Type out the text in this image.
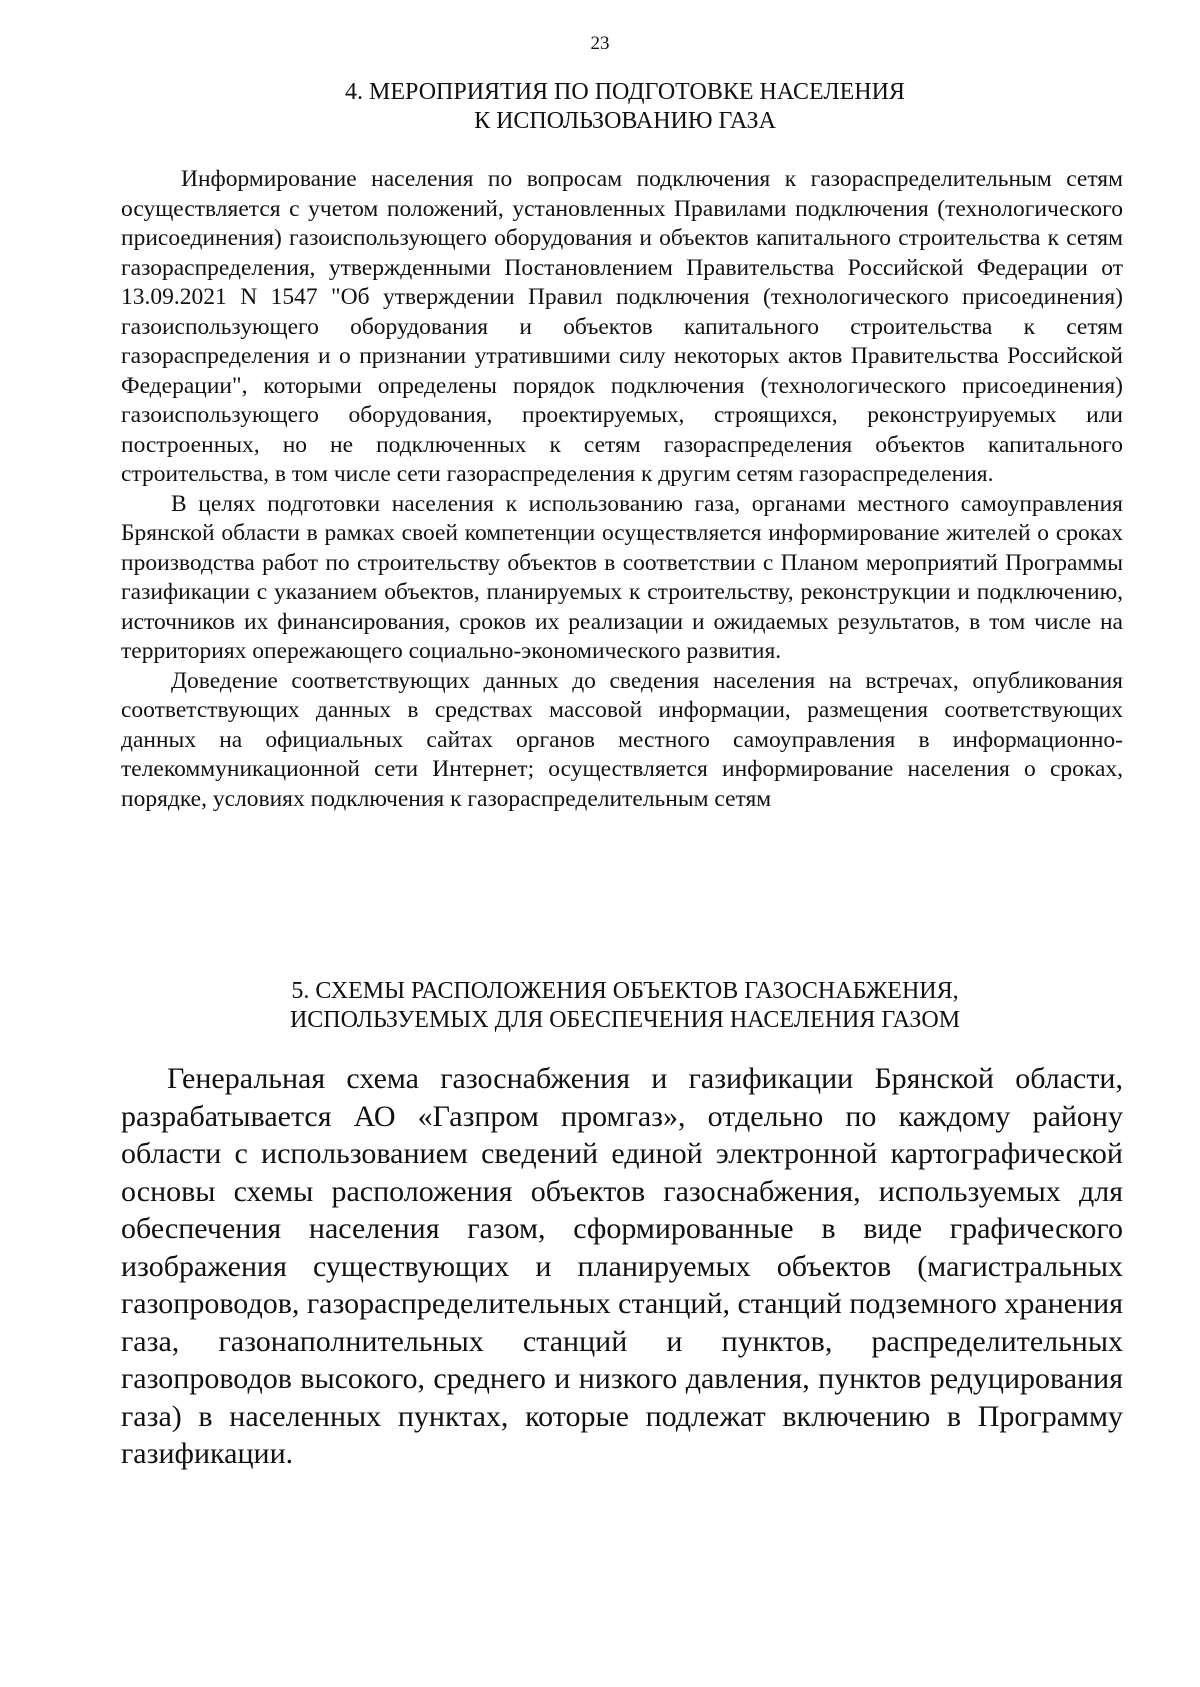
23
4. МЕРОПРИЯТИЯ ПО ПОДГОТОВКЕ НАСЕЛЕНИЯ
К ИСПОЛЬЗОВАНИЮ ГАЗА

Информирование населения по вопросам подключения к газораспределительным сетям осуществляется с учетом положений, установленных Правилами подключения (технологического присоединения) газоиспользующего оборудования и объектов капитального строительства к сетям газораспределения, утвержденными Постановлением Правительства Российской Федерации от 13.09.2021 N 1547 "Об утверждении Правил подключения (технологического присоединения) газоиспользующего оборудования и объектов капитального строительства к сетям газораспределения и о признании утратившими силу некоторых актов Правительства Российской Федерации", которыми определены порядок подключения (технологического присоединения) газоиспользующего оборудования, проектируемых, строящихся, реконструируемых или построенных, но не подключенных к сетям газораспределения объектов капитального строительства, в том числе сети газораспределения к другим сетям газораспределения.

В целях подготовки населения к использованию газа, органами местного самоуправления Брянской области в рамках своей компетенции осуществляется информирование жителей о сроках производства работ по строительству объектов в соответствии с Планом мероприятий Программы газификации с указанием объектов, планируемых к строительству, реконструкции и подключению, источников их финансирования, сроков их реализации и ожидаемых результатов, в том числе на территориях опережающего социально-экономического развития.

Доведение соответствующих данных до сведения населения на встречах, опубликования соответствующих данных в средствах массовой информации, размещения соответствующих данных на официальных сайтах органов местного самоуправления в информационно-телекоммуникационной сети Интернет; осуществляется информирование населения о сроках, порядке, условиях подключения к газораспределительным сетям

5. СХЕМЫ РАСПОЛОЖЕНИЯ ОБЪЕКТОВ ГАЗОСНАБЖЕНИЯ,
ИСПОЛЬЗУЕМЫХ ДЛЯ ОБЕСПЕЧЕНИЯ НАСЕЛЕНИЯ ГАЗОМ

Генеральная схема газоснабжения и газификации Брянской области, разрабатывается АО «Газпром промгаз», отдельно по каждому району области с использованием сведений единой электронной картографической основы схемы расположения объектов газоснабжения, используемых для обеспечения населения газом, сформированные в виде графического изображения существующих и планируемых объектов (магистральных газопроводов, газораспределительных станций, станций подземного хранения газа, газонаполнительных станций и пунктов, распределительных газопроводов высокого, среднего и низкого давления, пунктов редуцирования газа) в населенных пунктах, которые подлежат включению в Программу газификации.
